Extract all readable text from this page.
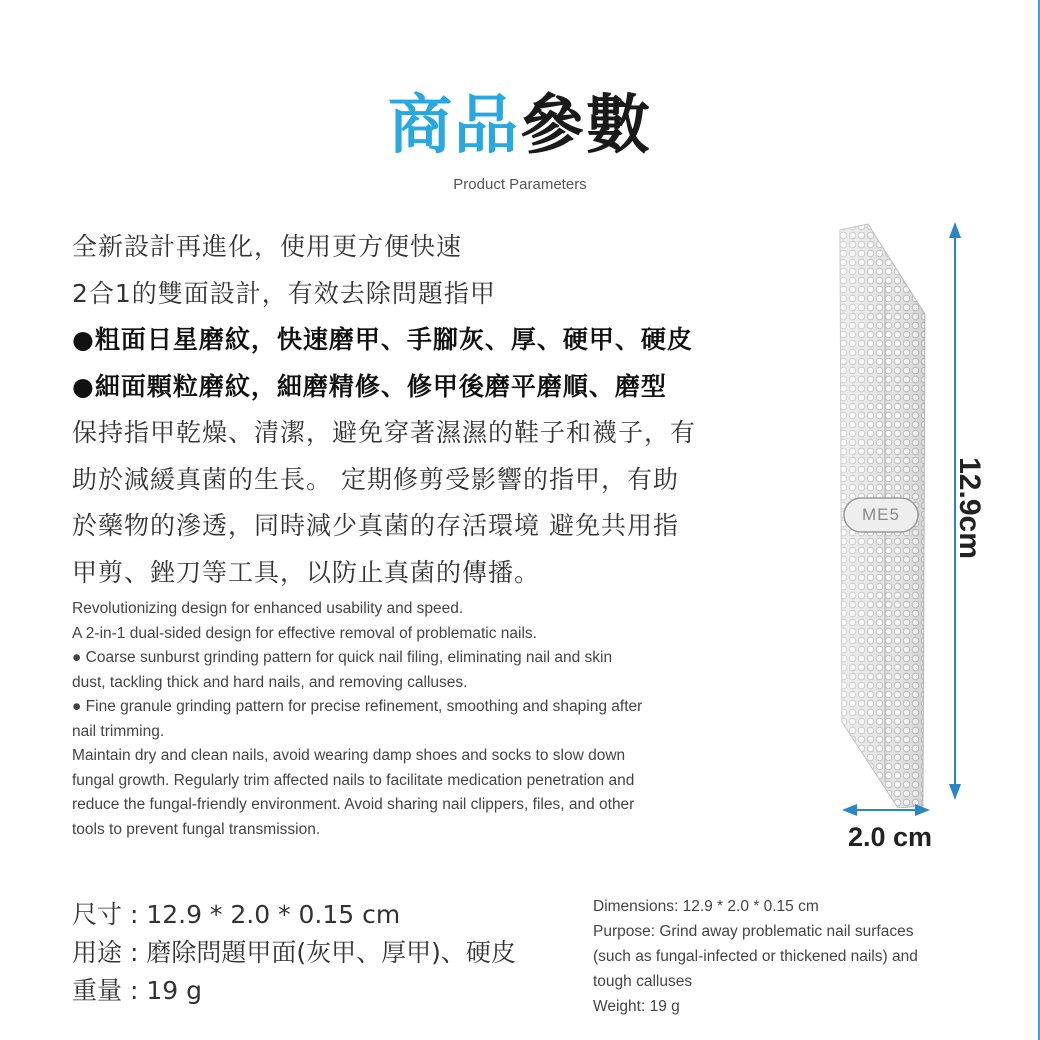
商品參數
Product Parameters
全新設計再進化，使用更方便快速
2合1的雙面設計，有效去除問題指甲
●粗面日星磨紋，快速磨甲、手腳灰、厚、硬甲、硬皮
●細面顆粒磨紋，細磨精修、修甲後磨平磨順、磨型
保持指甲乾燥、清潔，避免穿著濕濕的鞋子和襪子，有
助於減緩真菌的生長。 定期修剪受影響的指甲，有助
於藥物的滲透，同時減少真菌的存活環境 避免共用指
甲剪、銼刀等工具，以防止真菌的傳播。
Revolutionizing design for enhanced usability and speed.
A 2-in-1 dual-sided design for effective removal of problematic nails.
● Coarse sunburst grinding pattern for quick nail filing, eliminating nail and skin
dust, tackling thick and hard nails, and removing calluses.
● Fine granule grinding pattern for precise refinement, smoothing and shaping after
nail trimming.
Maintain dry and clean nails, avoid wearing damp shoes and socks to slow down
fungal growth. Regularly trim affected nails to facilitate medication penetration and
reduce the fungal-friendly environment. Avoid sharing nail clippers, files, and other
tools to prevent fungal transmission.
尺寸 : 12.9 * 2.0 * 0.15 cm
用途 : 磨除問題甲面(灰甲、厚甲)、硬皮
重量 : 19 g
Dimensions: 12.9 * 2.0 * 0.15 cm
Purpose: Grind away problematic nail surfaces
(such as fungal-infected or thickened nails) and
tough calluses
Weight: 19 g
ME5	12.9cm
2.0 cm
